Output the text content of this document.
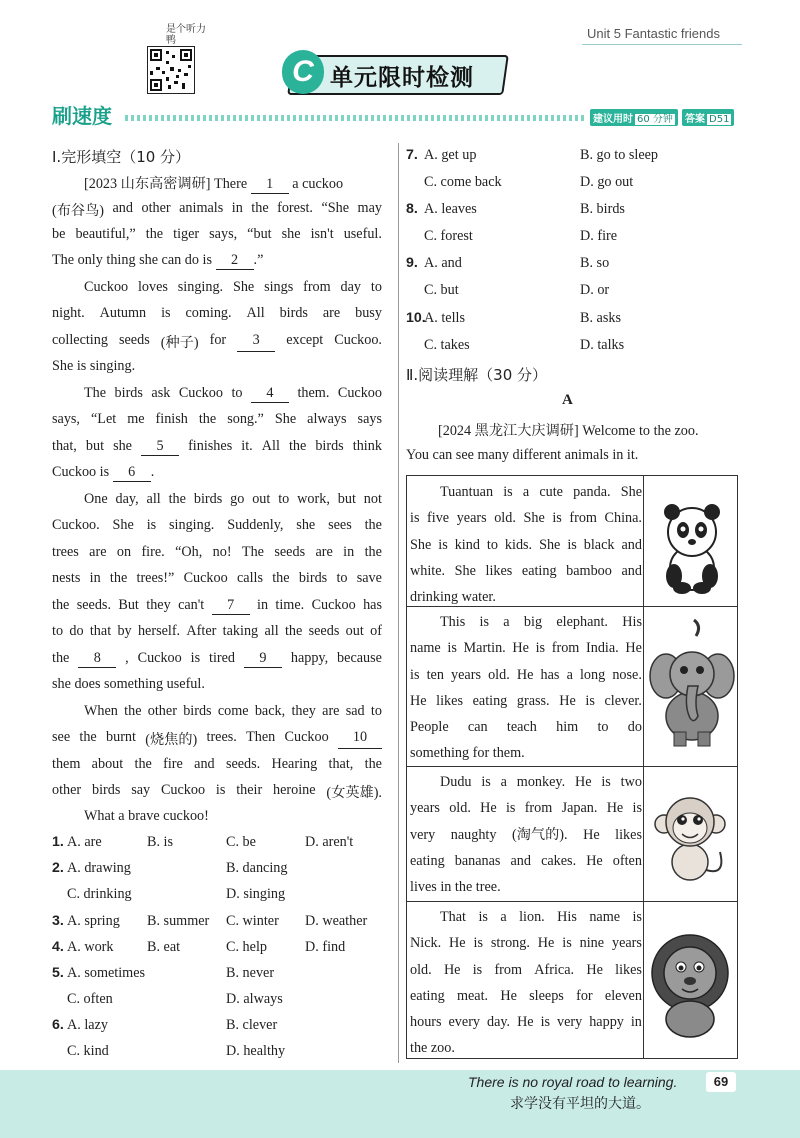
是个听力鸭	Unit 5 Fantastic friends
C 单元限时检测
刷速度	建议用时 60 分钟	答案 D51
Ⅰ.完形填空（10 分）
[2023 山东高密调研] There 1 a cuckoo
(布谷鸟) and other animals in the forest. “She may
be beautiful,” the tiger says, “but she isn't useful.
The only thing she can do is 2 .”
Cuckoo loves singing. She sings from day to
night. Autumn is coming. All birds are busy
collecting seeds (种子) for	3	except Cuckoo.
She is singing.
The birds ask Cuckoo to	4	them. Cuckoo
says, “Let me finish the song.” She always says
that, but she	5	finishes it. All the birds think
Cuckoo is 6 .
One day, all the birds go out to work, but not
Cuckoo. She is singing. Suddenly, she sees the
trees are on fire. “Oh, no! The seeds are in the
nests in the trees!” Cuckoo calls the birds to save
the seeds. But they can't	7	in time. Cuckoo has
to do that by herself. After taking all the seeds out of
the	8	, Cuckoo is tired	9	happy, because
she does something useful.
When the other birds come back, they are sad to
see the burnt (烧焦的) trees. Then Cuckoo	10
them about the fire and seeds. Hearing that, the
other birds say Cuckoo is their heroine (女英雄).
What a brave cuckoo!
1. A. are	B. is	C. be	D. aren't
2. A. drawing	B. dancing
C. drinking	D. singing
3. A. spring B. summer C. winter D. weather
4. A. work B. eat	C. help	D. find
5. A. sometimes	B. never
C. often	D. always
6. A. lazy	B. clever
C. kind	D. healthy
7. A. get up	B. go to sleep
C. come back	D. go out
8. A. leaves	B. birds
C. forest	D. fire
9. A. and	B. so
C. but	D. or
10.
A. tells	B. asks
C. takes	D. talks
Ⅱ.阅读理解（30 分）
A
[2024 黑龙江大庆调研] Welcome to the zoo.
You can see many different animals in it.
Tuantuan is a cute panda. She
is five years old. She is from China.
She is kind to kids. She is black and
white. She likes eating bamboo and
drinking water.
This is a big elephant. His
name is Martin. He is from India. He
is ten years old. He has a long nose.
He likes eating grass. He is clever.
People can teach him to do
something for them.
Dudu is a monkey. He is two
years old. He is from Japan. He is
very naughty (淘气的). He likes
eating bananas and cakes. He often
lives in the tree.
That is a lion. His name is
Nick. He is strong. He is nine years
old. He is from Africa. He likes
eating meat. He sleeps for eleven
hours every day. He is very happy in
the zoo.
There is no royal road to learning.
求学没有平坦的大道。
69
